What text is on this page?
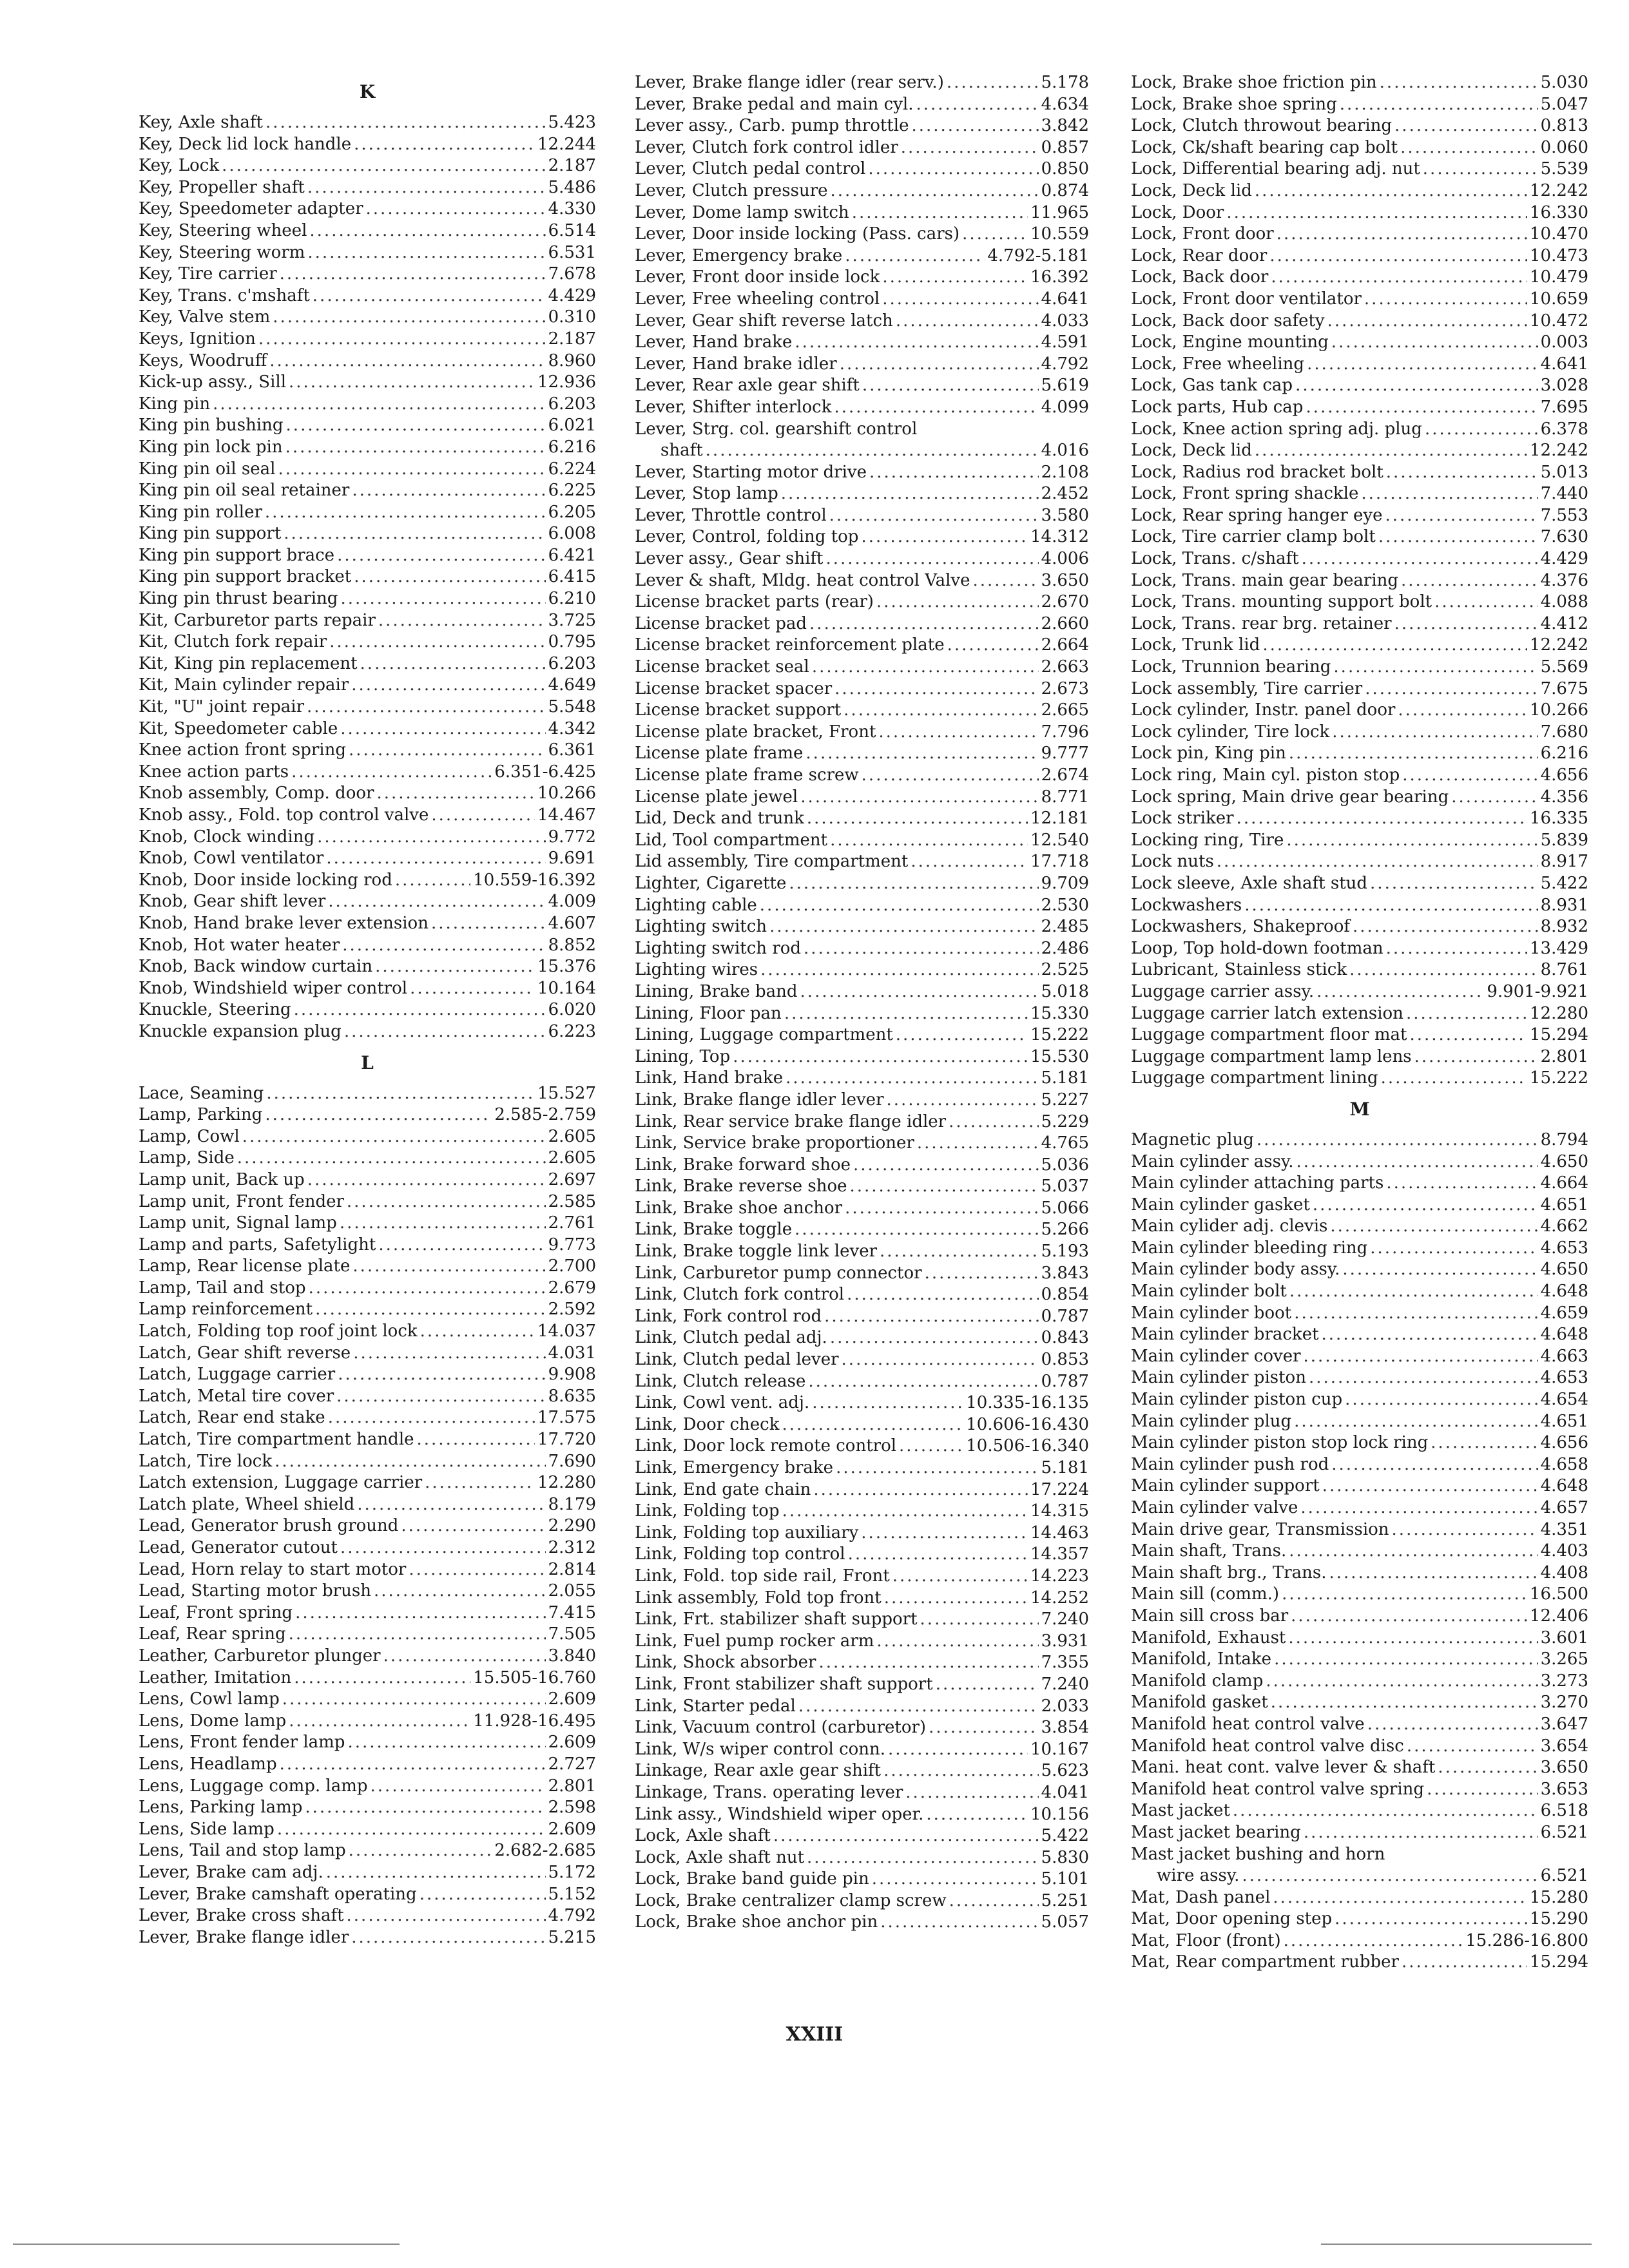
K
Key, Axle shaft .....	5.423
Key, Deck lid lock handle .....	12.244
Key, Lock .....	2.187
Key, Propeller shaft .....	5.486
Key, Speedometer adapter .....	4.330
Key, Steering wheel .....	6.514
Key, Steering worm .....	6.531
Key, Tire carrier .....	7.678
Key, Trans. c'mshaft .....	4.429
Key, Valve stem .....	0.310
Keys, Ignition .....	2.187
Keys, Woodruff .....	8.960
Kick-up assy., Sill .....	12.936
King pin .....	6.203
King pin bushing .....	6.021
King pin lock pin .....	6.216
King pin oil seal .....	6.224
King pin oil seal retainer .....	6.225
King pin roller .....	6.205
King pin support .....	6.008
King pin support brace .....	6.421
King pin support bracket .....	6.415
King pin thrust bearing .....	6.210
Kit, Carburetor parts repair .....	3.725
Kit, Clutch fork repair .....	0.795
Kit, King pin replacement .....	6.203
Kit, Main cylinder repair .....	4.649
Kit, "U" joint repair .....	5.548
Kit, Speedometer cable .....	4.342
Knee action front spring .....	6.361
Knee action parts .....	6.351-6.425
Knob assembly, Comp. door .....	10.266
Knob assy., Fold. top control valve .....	14.467
Knob, Clock winding .....	9.772
Knob, Cowl ventilator .....	9.691
Knob, Door inside locking rod .....	10.559-16.392
Knob, Gear shift lever .....	4.009
Knob, Hand brake lever extension .....	4.607
Knob, Hot water heater .....	8.852
Knob, Back window curtain .....	15.376
Knob, Windshield wiper control .....	10.164
Knuckle, Steering .....	6.020
Knuckle expansion plug .....	6.223
L
Lace, Seaming .....	15.527
Lamp, Parking .....	2.585-2.759
Lamp, Cowl .....	2.605
Lamp, Side .....	2.605
Lamp unit, Back up .....	2.697
Lamp unit, Front fender .....	2.585
Lamp unit, Signal lamp .....	2.761
Lamp and parts, Safetylight .....	9.773
Lamp, Rear license plate .....	2.700
Lamp, Tail and stop .....	2.679
Lamp reinforcement .....	2.592
Latch, Folding top roof joint lock .....	14.037
Latch, Gear shift reverse .....	4.031
Latch, Luggage carrier .....	9.908
Latch, Metal tire cover .....	8.635
Latch, Rear end stake .....	17.575
Latch, Tire compartment handle .....	17.720
Latch, Tire lock .....	7.690
Latch extension, Luggage carrier .....	12.280
Latch plate, Wheel shield .....	8.179
Lead, Generator brush ground .....	2.290
Lead, Generator cutout .....	2.312
Lead, Horn relay to start motor .....	2.814
Lead, Starting motor brush .....	2.055
Leaf, Front spring .....	7.415
Leaf, Rear spring .....	7.505
Leather, Carburetor plunger .....	3.840
Leather, Imitation .....	15.505-16.760
Lens, Cowl lamp .....	2.609
Lens, Dome lamp .....	11.928-16.495
Lens, Front fender lamp .....	2.609
Lens, Headlamp .....	2.727
Lens, Luggage comp. lamp .....	2.801
Lens, Parking lamp .....	2.598
Lens, Side lamp .....	2.609
Lens, Tail and stop lamp .....	2.682-2.685
Lever, Brake cam adj. .....	5.172
Lever, Brake camshaft operating .....	5.152
Lever, Brake cross shaft .....	4.792
Lever, Brake flange idler .....	5.215
Lever, Brake flange idler (rear serv.) .....	5.178
Lever, Brake pedal and main cyl. .....	4.634
Lever assy., Carb. pump throttle .....	3.842
Lever, Clutch fork control idler .....	0.857
Lever, Clutch pedal control .....	0.850
Lever, Clutch pressure .....	0.874
Lever, Dome lamp switch .....	11.965
Lever, Door inside locking (Pass. cars) .....	10.559
Lever, Emergency brake .....	4.792-5.181
Lever, Front door inside lock .....	16.392
Lever, Free wheeling control .....	4.641
Lever, Gear shift reverse latch .....	4.033
Lever, Hand brake .....	4.591
Lever, Hand brake idler .....	4.792
Lever, Rear axle gear shift .....	5.619
Lever, Shifter interlock .....	4.099
Lever, Strg. col. gearshift control
shaft .....	4.016
Lever, Starting motor drive .....	2.108
Lever, Stop lamp .....	2.452
Lever, Throttle control .....	3.580
Lever, Control, folding top .....	14.312
Lever assy., Gear shift .....	4.006
Lever & shaft, Mldg. heat control Valve .....	3.650
License bracket parts (rear) .....	2.670
License bracket pad .....	2.660
License bracket reinforcement plate .....	2.664
License bracket seal .....	2.663
License bracket spacer .....	2.673
License bracket support .....	2.665
License plate bracket, Front .....	7.796
License plate frame .....	9.777
License plate frame screw .....	2.674
License plate jewel .....	8.771
Lid, Deck and trunk .....	12.181
Lid, Tool compartment .....	12.540
Lid assembly, Tire compartment .....	17.718
Lighter, Cigarette .....	9.709
Lighting cable .....	2.530
Lighting switch .....	2.485
Lighting switch rod .....	2.486
Lighting wires .....	2.525
Lining, Brake band .....	5.018
Lining, Floor pan .....	15.330
Lining, Luggage compartment .....	15.222
Lining, Top .....	15.530
Link, Hand brake .....	5.181
Link, Brake flange idler lever .....	5.227
Link, Rear service brake flange idler .....	5.229
Link, Service brake proportioner .....	4.765
Link, Brake forward shoe .....	5.036
Link, Brake reverse shoe .....	5.037
Link, Brake shoe anchor .....	5.066
Link, Brake toggle .....	5.266
Link, Brake toggle link lever .....	5.193
Link, Carburetor pump connector .....	3.843
Link, Clutch fork control .....	0.854
Link, Fork control rod .....	0.787
Link, Clutch pedal adj. .....	0.843
Link, Clutch pedal lever .....	0.853
Link, Clutch release .....	0.787
Link, Cowl vent. adj. .....	10.335-16.135
Link, Door check .....	10.606-16.430
Link, Door lock remote control .....	10.506-16.340
Link, Emergency brake .....	5.181
Link, End gate chain .....	17.224
Link, Folding top .....	14.315
Link, Folding top auxiliary .....	14.463
Link, Folding top control .....	14.357
Link, Fold. top side rail, Front .....	14.223
Link assembly, Fold top front .....	14.252
Link, Frt. stabilizer shaft support .....	7.240
Link, Fuel pump rocker arm .....	3.931
Link, Shock absorber .....	7.355
Link, Front stabilizer shaft support .....	7.240
Link, Starter pedal .....	2.033
Link, Vacuum control (carburetor) .....	3.854
Link, W/s wiper control conn. .....	10.167
Linkage, Rear axle gear shift .....	5.623
Linkage, Trans. operating lever .....	4.041
Link assy., Windshield wiper oper. .....	10.156
Lock, Axle shaft .....	5.422
Lock, Axle shaft nut .....	5.830
Lock, Brake band guide pin .....	5.101
Lock, Brake centralizer clamp screw .....	5.251
Lock, Brake shoe anchor pin .....	5.057
Lock, Brake shoe friction pin .....	5.030
Lock, Brake shoe spring .....	5.047
Lock, Clutch throwout bearing .....	0.813
Lock, Ck/shaft bearing cap bolt .....	0.060
Lock, Differential bearing adj. nut .....	5.539
Lock, Deck lid .....	12.242
Lock, Door .....	16.330
Lock, Front door .....	10.470
Lock, Rear door .....	10.473
Lock, Back door .....	10.479
Lock, Front door ventilator .....	10.659
Lock, Back door safety .....	10.472
Lock, Engine mounting .....	0.003
Lock, Free wheeling .....	4.641
Lock, Gas tank cap .....	3.028
Lock parts, Hub cap .....	7.695
Lock, Knee action spring adj. plug .....	6.378
Lock, Deck lid .....	12.242
Lock, Radius rod bracket bolt .....	5.013
Lock, Front spring shackle .....	7.440
Lock, Rear spring hanger eye .....	7.553
Lock, Tire carrier clamp bolt .....	7.630
Lock, Trans. c/shaft .....	4.429
Lock, Trans. main gear bearing .....	4.376
Lock, Trans. mounting support bolt .....	4.088
Lock, Trans. rear brg. retainer .....	4.412
Lock, Trunk lid .....	12.242
Lock, Trunnion bearing .....	5.569
Lock assembly, Tire carrier .....	7.675
Lock cylinder, Instr. panel door .....	10.266
Lock cylinder, Tire lock .....	7.680
Lock pin, King pin .....	6.216
Lock ring, Main cyl. piston stop .....	4.656
Lock spring, Main drive gear bearing .....	4.356
Lock striker .....	16.335
Locking ring, Tire .....	5.839
Lock nuts .....	8.917
Lock sleeve, Axle shaft stud .....	5.422
Lockwashers .....	8.931
Lockwashers, Shakeproof .....	8.932
Loop, Top hold-down footman .....	13.429
Lubricant, Stainless stick .....	8.761
Luggage carrier assy. .....	9.901-9.921
Luggage carrier latch extension .....	12.280
Luggage compartment floor mat .....	15.294
Luggage compartment lamp lens .....	2.801
Luggage compartment lining .....	15.222
M
Magnetic plug .....	8.794
Main cylinder assy. .....	4.650
Main cylinder attaching parts .....	4.664
Main cylinder gasket .....	4.651
Main cylider adj. clevis .....	4.662
Main cylinder bleeding ring .....	4.653
Main cylinder body assy. .....	4.650
Main cylinder bolt .....	4.648
Main cylinder boot .....	4.659
Main cylinder bracket .....	4.648
Main cylinder cover .....	4.663
Main cylinder piston .....	4.653
Main cylinder piston cup .....	4.654
Main cylinder plug .....	4.651
Main cylinder piston stop lock ring .....	4.656
Main cylinder push rod .....	4.658
Main cylinder support .....	4.648
Main cylinder valve .....	4.657
Main drive gear, Transmission .....	4.351
Main shaft, Trans. .....	4.403
Main shaft brg., Trans. .....	4.408
Main sill (comm.) .....	16.500
Main sill cross bar .....	12.406
Manifold, Exhaust .....	3.601
Manifold, Intake .....	3.265
Manifold clamp .....	3.273
Manifold gasket .....	3.270
Manifold heat control valve .....	3.647
Manifold heat control valve disc .....	3.654
Mani. heat cont. valve lever & shaft .....	3.650
Manifold heat control valve spring .....	3.653
Mast jacket .....	6.518
Mast jacket bearing .....	6.521
Mast jacket bushing and horn
wire assy. .....	6.521
Mat, Dash panel .....	15.280
Mat, Door opening step .....	15.290
Mat, Floor (front) .....	15.286-16.800
Mat, Rear compartment rubber .....	15.294
XXIII
